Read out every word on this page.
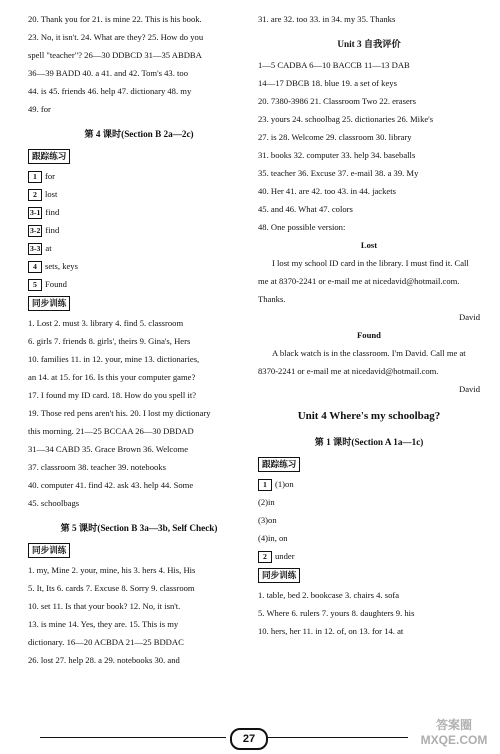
20. Thank you for 21. is mine 22. This is his book.
23. No, it isn't. 24. What are they? 25. How do you
spell "teacher"? 26—30 DDBCD 31—35 ABDBA
36—39 BADD 40. a 41. and 42. Tom's 43. too
44. is 45. friends 46. help 47. dictionary 48. my
49. for
第 4 课时(Section B 2a—2c)
跟踪练习
1 for
2 lost
3-1 find
3-2 find
3-3 at
4 sets, keys
5 Found
同步训练
1. Lost 2. must 3. library 4. find 5. classroom
6. girls 7. friends 8. girls', theirs 9. Gina's, Hers
10. families 11. in 12. your, mine 13. dictionaries,
an 14. at 15. for 16. Is this your computer game?
17. I found my ID card. 18. How do you spell it?
19. Those red pens aren't his. 20. I lost my dictionary
this morning. 21—25 BCCAA 26—30 DBDAD
31—34 CABD 35. Grace Brown 36. Welcome
37. classroom 38. teacher 39. notebooks
40. computer 41. find 42. ask 43. help 44. Some
45. schoolbags
第 5 课时(Section B 3a—3b, Self Check)
同步训练
1. my, Mine 2. your, mine, his 3. hers 4. His, His
5. It, Its 6. cards 7. Excuse 8. Sorry 9. classroom
10. set 11. Is that your book? 12. No, it isn't.
13. is mine 14. Yes, they are. 15. This is my
dictionary. 16—20 ACBDA 21—25 BDDAC
26. lost 27. help 28. a 29. notebooks 30. and
31. are 32. too 33. in 34. my 35. Thanks
Unit 3 自我评价
1—5 CADBA 6—10 BACCB 11—13 DAB
14—17 DBCB 18. blue 19. a set of keys
20. 7380-3986 21. Classroom Two 22. erasers
23. yours 24. schoolbag 25. dictionaries 26. Mike's
27. is 28. Welcome 29. classroom 30. library
31. books 32. computer 33. help 34. baseballs
35. teacher 36. Excuse 37. e-mail 38. a 39. My
40. Her 41. are 42. too 43. in 44. jackets
45. and 46. What 47. colors
48. One possible version:
Lost
I lost my school ID card in the library. I must find it. Call me at 8370-2241 or e-mail me at nicedavid@hotmail.com. Thanks.
David
Found
A black watch is in the classroom. I'm David. Call me at 8370-2241 or e-mail me at nicedavid@hotmail.com.
David
Unit 4 Where's my schoolbag?
第 1 课时(Section A 1a—1c)
跟踪练习
1 (1)on
(2)in
(3)on
(4)in, on
2 under
同步训练
1. table, bed 2. bookcase 3. chairs 4. sofa
5. Where 6. rulers 7. yours 8. daughters 9. his
10. hers, her 11. in 12. of, on 13. for 14. at
27
答案圈 MXQE.COM
